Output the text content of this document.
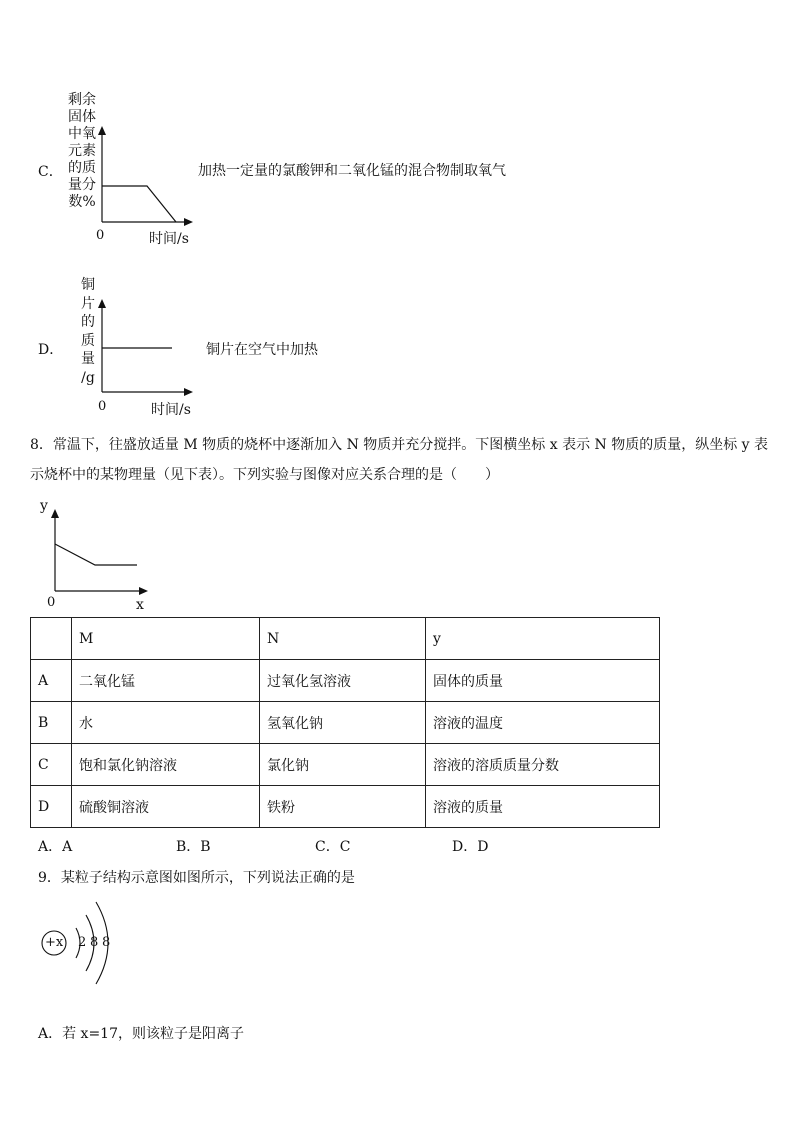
C．
剩余
固体
中氧
元素
的质
量分
数%
0	时间/s
加热一定量的氯酸钾和二氧化锰的混合物制取氧气
D．
铜
片
的
质
量
/g
0	时间/s
铜片在空气中加热
8．常温下，往盛放适量 M 物质的烧杯中逐渐加入 N 物质并充分搅拌。下图横坐标 x 表示 N 物质的质量，纵坐标 y 表
示烧杯中的某物理量（见下表）。下列实验与图像对应关系合理的是（　　）
y
0	x
	M	N	y
A	二氧化锰	过氧化氢溶液	固体的质量
B	水	氢氧化钠	溶液的温度
C	饱和氯化钠溶液	氯化钠	溶液的溶质质量分数
D	硫酸铜溶液	铁粉	溶液的质量
A．A	B．B	C．C	D．D
9．某粒子结构示意图如图所示，下列说法正确的是
+x 2 8 8
A．若 x=17，则该粒子是阳离子
